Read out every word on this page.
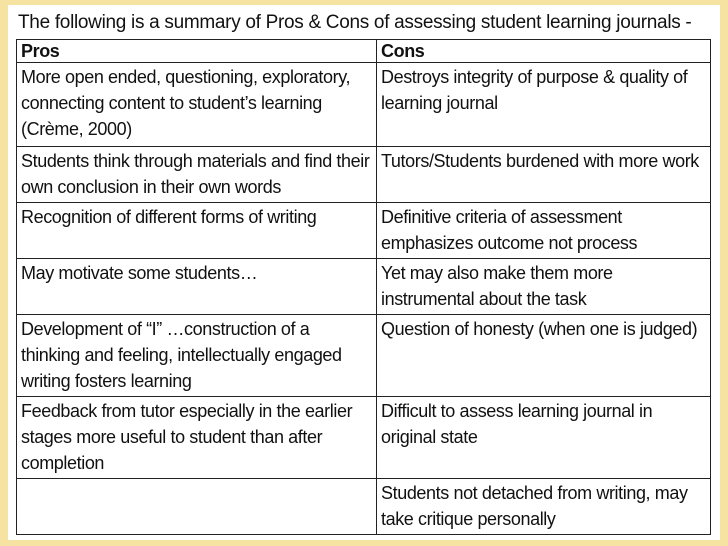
The following is a summary of Pros & Cons of assessing student learning journals -

Pros	Cons
More open ended, questioning, exploratory, connecting content to student’s learning (Crème, 2000)	Destroys integrity of purpose & quality of learning journal
Students think through materials and find their own conclusion in their own words	Tutors/Students burdened with more work
Recognition of different forms of writing	Definitive criteria of assessment emphasizes outcome not process
May motivate some students…	Yet may also make them more instrumental about the task
Development of “I” …construction of a thinking and feeling, intellectually engaged writing fosters learning	Question of honesty (when one is judged)
Feedback from tutor especially in the earlier stages more useful to student than after completion	Difficult to assess learning journal in original state
	Students not detached from writing, may take critique personally
